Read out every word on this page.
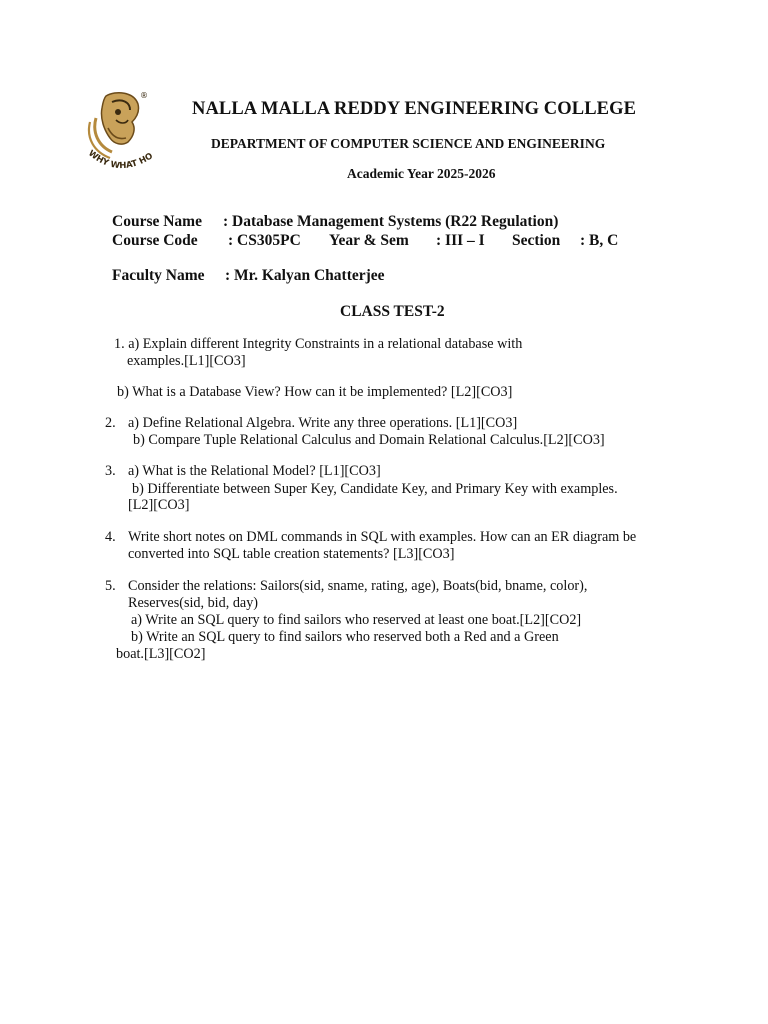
WHY WHAT HO
®
NALLA MALLA REDDY ENGINEERING COLLEGE
DEPARTMENT OF COMPUTER SCIENCE AND ENGINEERING
Academic Year 2025-2026
Course Name : Database Management Systems (R22 Regulation)
Course Code : CS305PC Year & Sem : III – I Section : B, C
Faculty Name : Mr. Kalyan Chatterjee
CLASS TEST-2
1. a) Explain different Integrity Constraints in a relational database with
examples.[L1][CO3]
b) What is a Database View? How can it be implemented? [L2][CO3]
2. a) Define Relational Algebra. Write any three operations. [L1][CO3]
b) Compare Tuple Relational Calculus and Domain Relational Calculus.[L2][CO3]
3. a) What is the Relational Model? [L1][CO3]
b) Differentiate between Super Key, Candidate Key, and Primary Key with examples.
[L2][CO3]
4. Write short notes on DML commands in SQL with examples. How can an ER diagram be
converted into SQL table creation statements? [L3][CO3]
5. Consider the relations: Sailors(sid, sname, rating, age), Boats(bid, bname, color),
Reserves(sid, bid, day)
a) Write an SQL query to find sailors who reserved at least one boat.[L2][CO2]
b) Write an SQL query to find sailors who reserved both a Red and a Green
boat.[L3][CO2]
